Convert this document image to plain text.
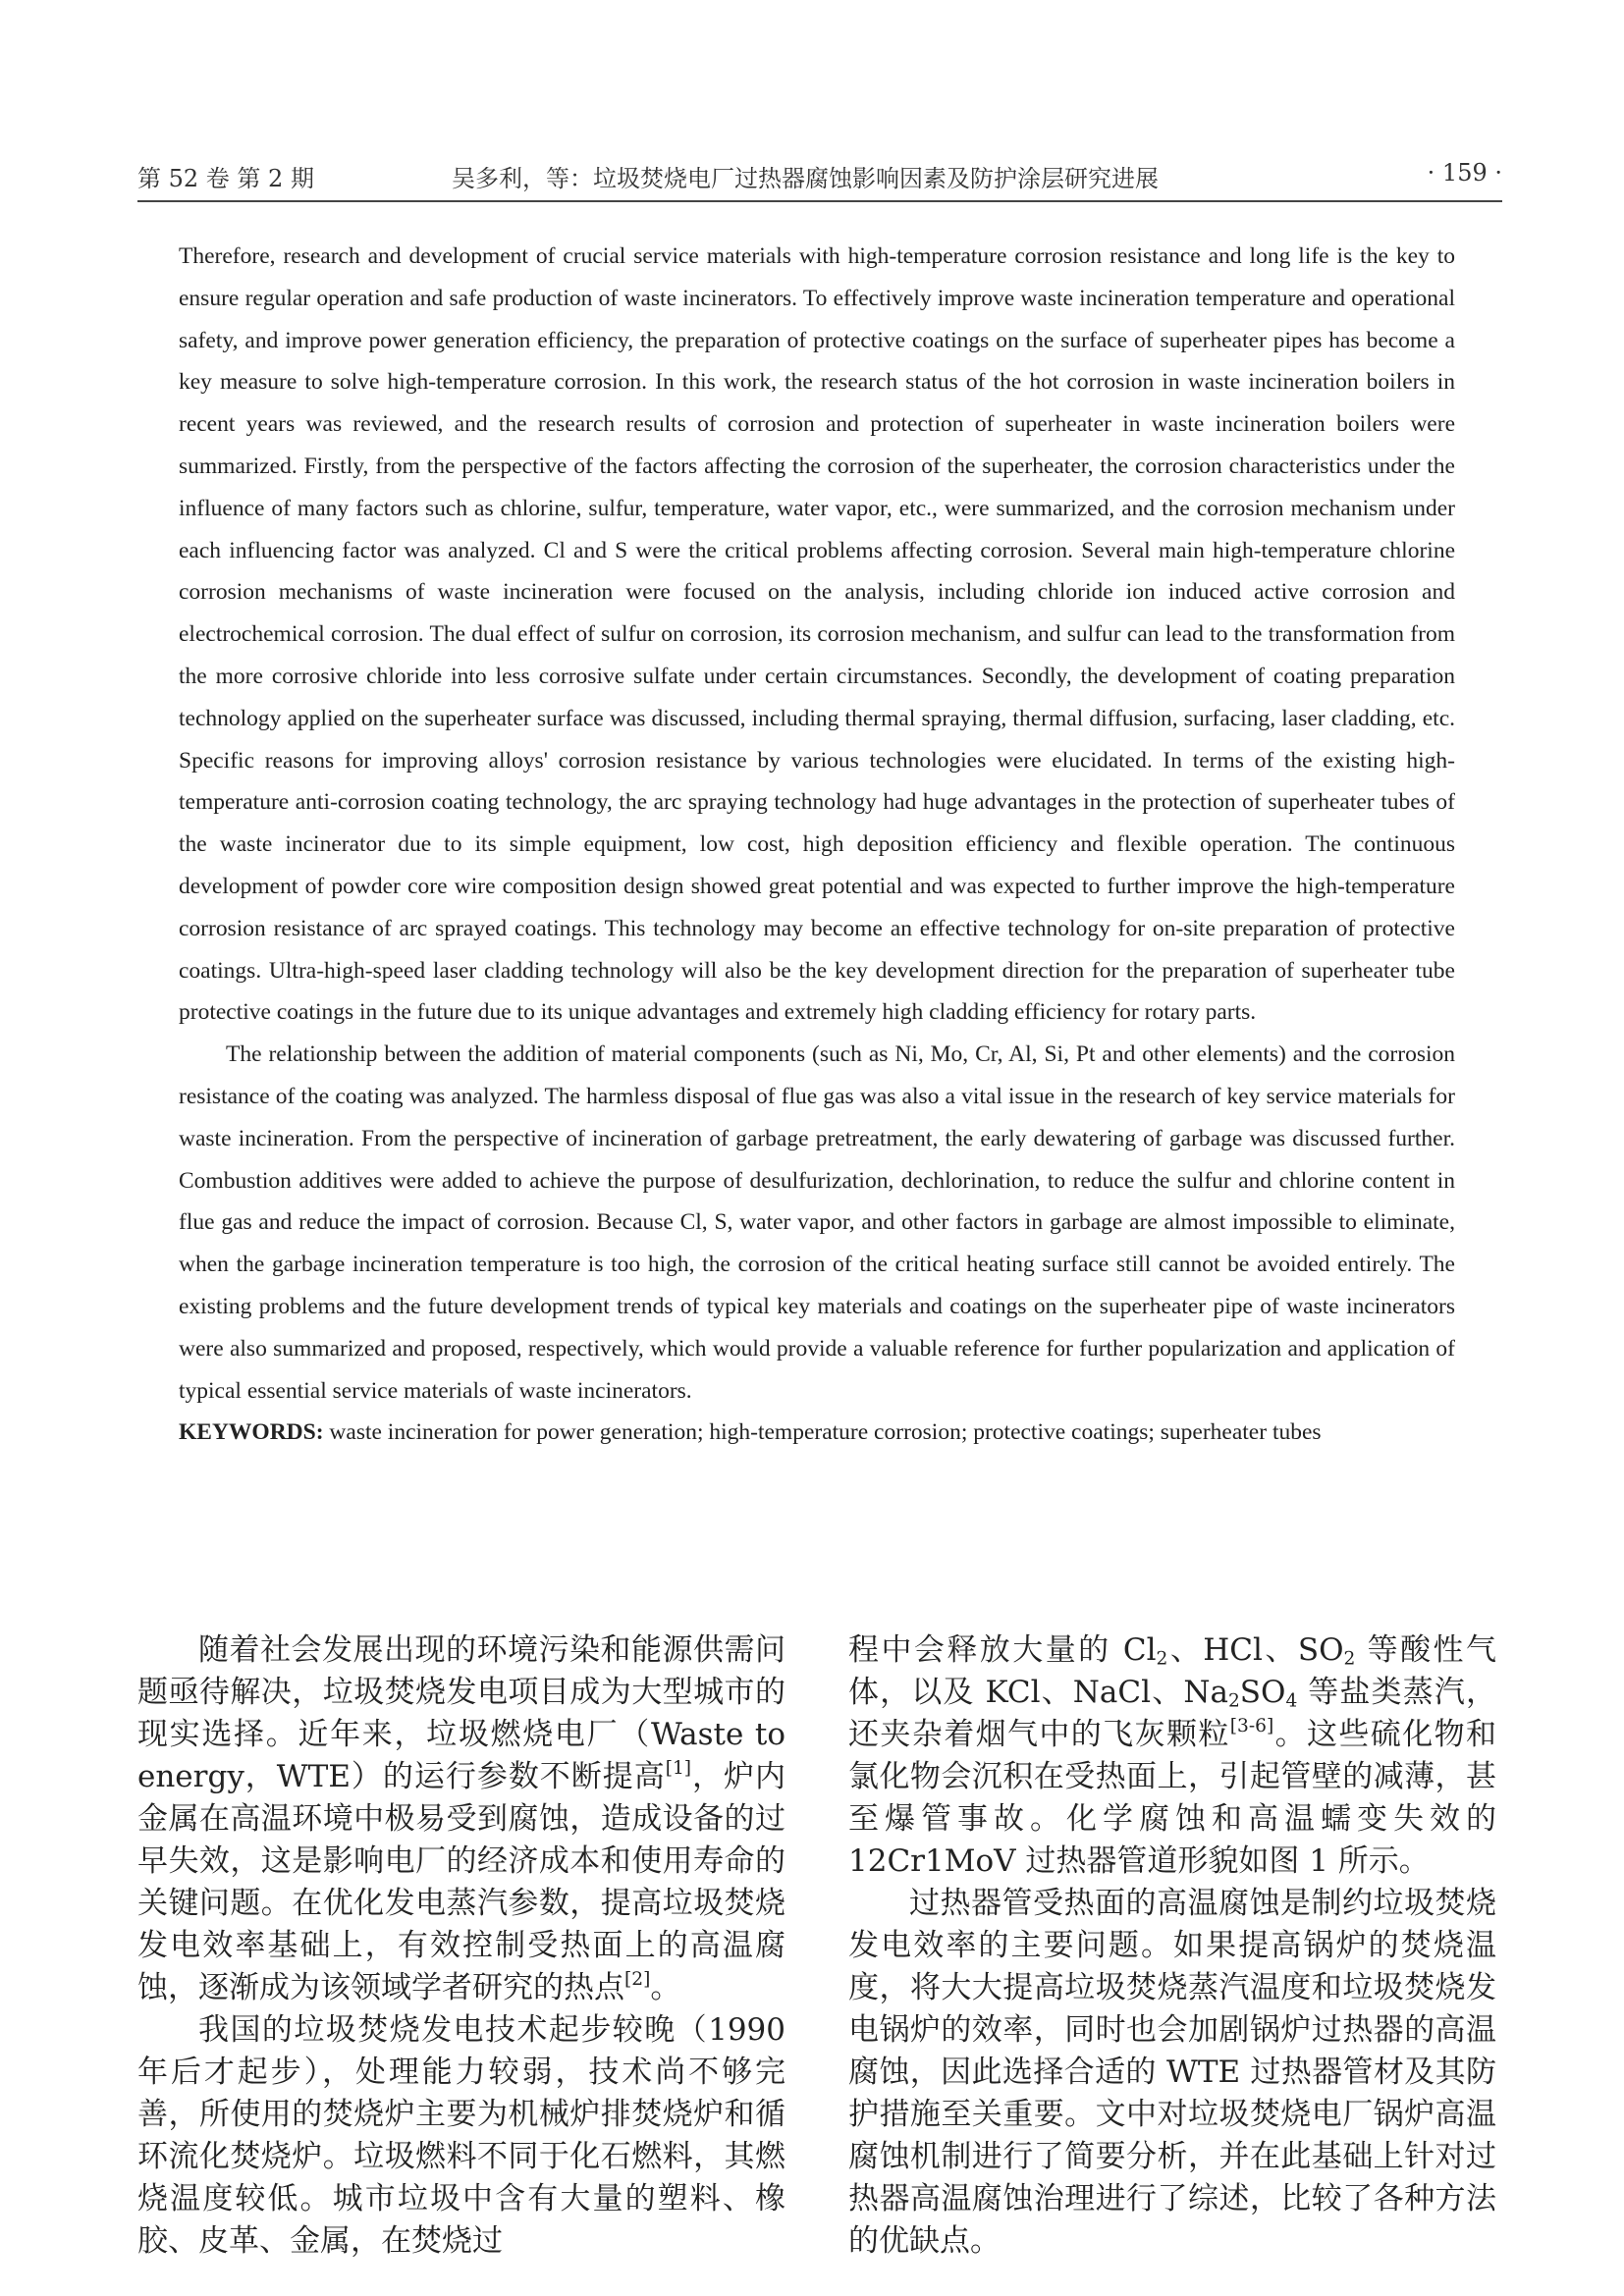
第 52 卷 第 2 期	吴多利，等：垃圾焚烧电厂过热器腐蚀影响因素及防护涂层研究进展	· 159 ·

Therefore, research and development of crucial service materials with high-temperature corrosion resistance and long life is the key to ensure regular operation and safe production of waste incinerators. To effectively improve waste incineration temperature and operational safety, and improve power generation efficiency, the preparation of protective coatings on the surface of superheater pipes has become a key measure to solve high-temperature corrosion. In this work, the research status of the hot corrosion in waste incineration boilers in recent years was reviewed, and the research results of corrosion and protection of superheater in waste incineration boilers were summarized. Firstly, from the perspective of the factors affecting the corrosion of the superheater, the corrosion characteristics under the influence of many factors such as chlorine, sulfur, temperature, water vapor, etc., were summarized, and the corrosion mechanism under each influencing factor was analyzed. Cl and S were the critical problems affecting corrosion. Several main high-temperature chlorine corrosion mechanisms of waste incineration were focused on the analysis, including chloride ion induced active corrosion and electrochemical corrosion. The dual effect of sulfur on corrosion, its corrosion mechanism, and sulfur can lead to the transformation from the more corrosive chloride into less corrosive sulfate under certain circumstances. Secondly, the development of coating preparation technology applied on the superheater surface was discussed, including thermal spraying, thermal diffusion, surfacing, laser cladding, etc. Specific reasons for improving alloys' corrosion resistance by various technologies were elucidated. In terms of the existing high-temperature anti-corrosion coating technology, the arc spraying technology had huge advantages in the protection of superheater tubes of the waste incinerator due to its simple equipment, low cost, high deposition efficiency and flexible operation. The continuous development of powder core wire composition design showed great potential and was expected to further improve the high-temperature corrosion resistance of arc sprayed coatings. This technology may become an effective technology for on-site preparation of protective coatings. Ultra-high-speed laser cladding technology will also be the key development direction for the preparation of superheater tube protective coatings in the future due to its unique advantages and extremely high cladding efficiency for rotary parts.

The relationship between the addition of material components (such as Ni, Mo, Cr, Al, Si, Pt and other elements) and the corrosion resistance of the coating was analyzed. The harmless disposal of flue gas was also a vital issue in the research of key service materials for waste incineration. From the perspective of incineration of garbage pretreatment, the early dewatering of garbage was discussed further. Combustion additives were added to achieve the purpose of desulfurization, dechlorination, to reduce the sulfur and chlorine content in flue gas and reduce the impact of corrosion. Because Cl, S, water vapor, and other factors in garbage are almost impossible to eliminate, when the garbage incineration temperature is too high, the corrosion of the critical heating surface still cannot be avoided entirely. The existing problems and the future development trends of typical key materials and coatings on the superheater pipe of waste incinerators were also summarized and proposed, respectively, which would provide a valuable reference for further popularization and application of typical essential service materials of waste incinerators.

KEYWORDS: waste incineration for power generation; high-temperature corrosion; protective coatings; superheater tubes

随着社会发展出现的环境污染和能源供需问题亟待解决，垃圾焚烧发电项目成为大型城市的现实选择。近年来，垃圾燃烧电厂（Waste to energy，WTE）的运行参数不断提高[1]，炉内金属在高温环境中极易受到腐蚀，造成设备的过早失效，这是影响电厂的经济成本和使用寿命的关键问题。在优化发电蒸汽参数，提高垃圾焚烧发电效率基础上，有效控制受热面上的高温腐蚀，逐渐成为该领域学者研究的热点[2]。

我国的垃圾焚烧发电技术起步较晚（1990 年后才起步），处理能力较弱，技术尚不够完善，所使用的焚烧炉主要为机械炉排焚烧炉和循环流化焚烧炉。垃圾燃料不同于化石燃料，其燃烧温度较低。城市垃圾中含有大量的塑料、橡胶、皮革、金属，在焚烧过

程中会释放大量的 $Cl_2$、HCl、$SO_2$ 等酸性气体，以及 KCl、NaCl、$Na_2SO_4$ 等盐类蒸汽，还夹杂着烟气中的飞灰颗粒[3-6]。这些硫化物和氯化物会沉积在受热面上，引起管壁的减薄，甚至爆管事故。化学腐蚀和高温蠕变失效的 12Cr1MoV 过热器管道形貌如图 1 所示。

过热器管受热面的高温腐蚀是制约垃圾焚烧发电效率的主要问题。如果提高锅炉的焚烧温度，将大大提高垃圾焚烧蒸汽温度和垃圾焚烧发电锅炉的效率，同时也会加剧锅炉过热器的高温腐蚀，因此选择合适的 WTE 过热器管材及其防护措施至关重要。文中对垃圾焚烧电厂锅炉高温腐蚀机制进行了简要分析，并在此基础上针对过热器高温腐蚀治理进行了综述，比较了各种方法的优缺点。
